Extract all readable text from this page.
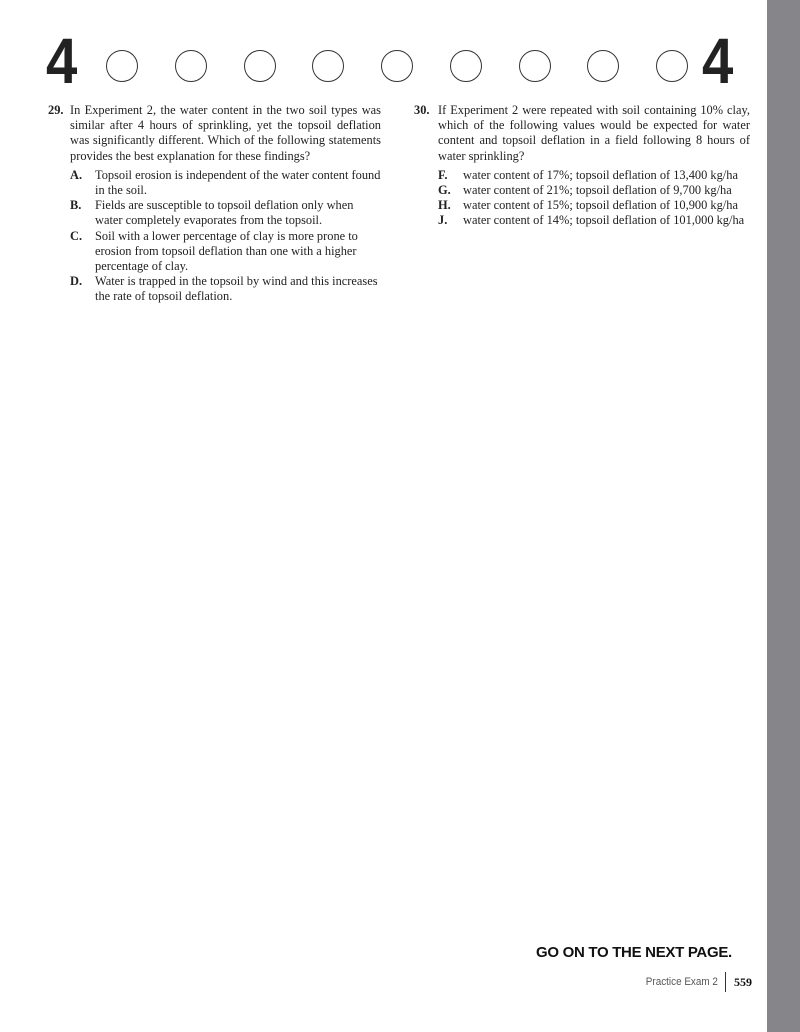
4	4
29. In Experiment 2, the water content in the two soil types was similar after 4 hours of sprinkling, yet the topsoil deflation was significantly different. Which of the following statements provides the best explanation for these findings?
A. Topsoil erosion is independent of the water content found in the soil.
B. Fields are susceptible to topsoil deflation only when water completely evaporates from the topsoil.
C. Soil with a lower percentage of clay is more prone to erosion from topsoil deflation than one with a higher percentage of clay.
D. Water is trapped in the topsoil by wind and this increases the rate of topsoil deflation.
30. If Experiment 2 were repeated with soil containing 10% clay, which of the following values would be expected for water content and topsoil deflation in a field following 8 hours of water sprinkling?
F. water content of 17%; topsoil deflation of 13,400 kg/ha
G. water content of 21%; topsoil deflation of 9,700 kg/ha
H. water content of 15%; topsoil deflation of 10,900 kg/ha
J. water content of 14%; topsoil deflation of 101,000 kg/ha
GO ON TO THE NEXT PAGE.
Practice Exam 2	559
